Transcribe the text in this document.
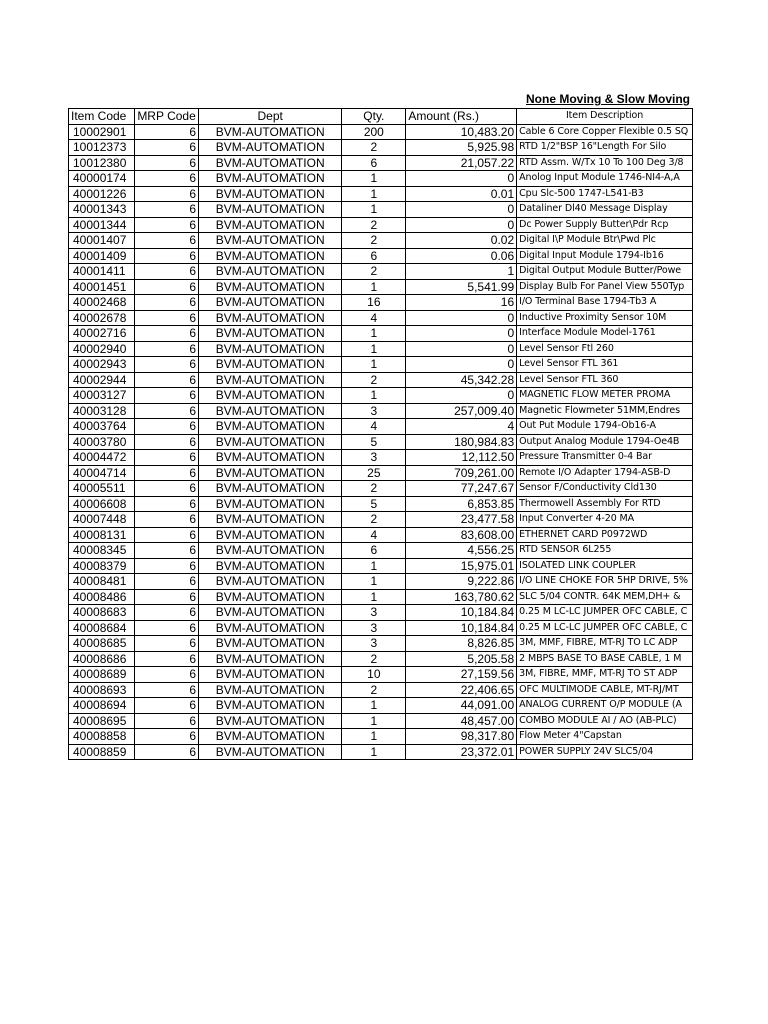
None Moving & Slow Moving
Item Code	MRP Code	Dept	Qty.	Amount (Rs.)	Item Description
10002901	6	BVM-AUTOMATION	200	10,483.20	Cable 6 Core Copper Flexible 0.5 SQ
10012373	6	BVM-AUTOMATION	2	5,925.98	RTD 1/2"BSP 16"Length For Silo
10012380	6	BVM-AUTOMATION	6	21,057.22	RTD Assm. W/Tx 10 To 100 Deg 3/8
40000174	6	BVM-AUTOMATION	1	0	Anolog Input Module 1746-NI4-A,A
40001226	6	BVM-AUTOMATION	1	0.01	Cpu Slc-500 1747-L541-B3
40001343	6	BVM-AUTOMATION	1	0	Dataliner Dl40 Message Display
40001344	6	BVM-AUTOMATION	2	0	Dc Power Supply Butter\Pdr Rcp
40001407	6	BVM-AUTOMATION	2	0.02	Digital I\P Module Btr\Pwd Plc
40001409	6	BVM-AUTOMATION	6	0.06	Digital Input Module 1794-Ib16
40001411	6	BVM-AUTOMATION	2	1	Digital Output Module Butter/Powe
40001451	6	BVM-AUTOMATION	1	5,541.99	Display Bulb For Panel View 550Typ
40002468	6	BVM-AUTOMATION	16	16	I/O Terminal Base 1794-Tb3 A
40002678	6	BVM-AUTOMATION	4	0	Inductive Proximity Sensor 10M
40002716	6	BVM-AUTOMATION	1	0	Interface Module Model-1761
40002940	6	BVM-AUTOMATION	1	0	Level Sensor Ftl 260
40002943	6	BVM-AUTOMATION	1	0	Level Sensor FTL 361
40002944	6	BVM-AUTOMATION	2	45,342.28	Level Sensor FTL 360
40003127	6	BVM-AUTOMATION	1	0	MAGNETIC FLOW METER PROMA
40003128	6	BVM-AUTOMATION	3	257,009.40	Magnetic Flowmeter 51MM,Endres
40003764	6	BVM-AUTOMATION	4	4	Out Put Module 1794-Ob16-A
40003780	6	BVM-AUTOMATION	5	180,984.83	Output Analog Module 1794-Oe4B
40004472	6	BVM-AUTOMATION	3	12,112.50	Pressure Transmitter 0-4 Bar
40004714	6	BVM-AUTOMATION	25	709,261.00	Remote I/O Adapter 1794-ASB-D
40005511	6	BVM-AUTOMATION	2	77,247.67	Sensor F/Conductivity Cld130
40006608	6	BVM-AUTOMATION	5	6,853.85	Thermowell Assembly For RTD
40007448	6	BVM-AUTOMATION	2	23,477.58	Input Converter 4-20 MA
40008131	6	BVM-AUTOMATION	4	83,608.00	ETHERNET CARD P0972WD
40008345	6	BVM-AUTOMATION	6	4,556.25	RTD SENSOR 6L255
40008379	6	BVM-AUTOMATION	1	15,975.01	ISOLATED LINK COUPLER
40008481	6	BVM-AUTOMATION	1	9,222.86	I/O LINE CHOKE FOR 5HP DRIVE, 5%
40008486	6	BVM-AUTOMATION	1	163,780.62	SLC 5/04 CONTR. 64K MEM,DH+ &
40008683	6	BVM-AUTOMATION	3	10,184.84	0.25 M LC-LC JUMPER OFC CABLE, C
40008684	6	BVM-AUTOMATION	3	10,184.84	0.25 M LC-LC JUMPER OFC CABLE, C
40008685	6	BVM-AUTOMATION	3	8,826.85	3M, MMF, FIBRE, MT-RJ TO LC ADP
40008686	6	BVM-AUTOMATION	2	5,205.58	2 MBPS BASE TO BASE CABLE, 1 M
40008689	6	BVM-AUTOMATION	10	27,159.56	3M, FIBRE, MMF, MT-RJ TO ST ADP
40008693	6	BVM-AUTOMATION	2	22,406.65	OFC MULTIMODE CABLE, MT-RJ/MT
40008694	6	BVM-AUTOMATION	1	44,091.00	ANALOG CURRENT O/P MODULE (A
40008695	6	BVM-AUTOMATION	1	48,457.00	COMBO MODULE AI / AO (AB-PLC)
40008858	6	BVM-AUTOMATION	1	98,317.80	Flow Meter 4"Capstan
40008859	6	BVM-AUTOMATION	1	23,372.01	POWER SUPPLY 24V SLC5/04
